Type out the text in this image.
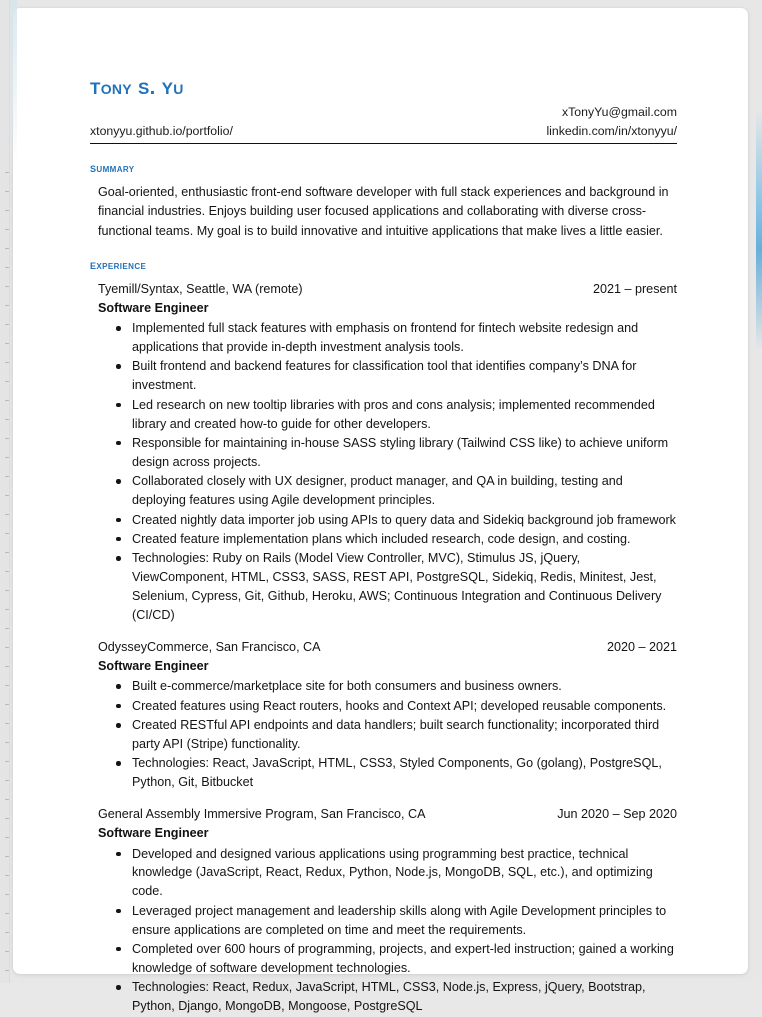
tony s. yu
xTonyYu@gmail.com
xtonyyu.github.io/portfolio/	linkedin.com/in/xtonyyu/
summary

Goal-oriented, enthusiastic front-end software developer with full stack experiences and background in financial industries. Enjoys building user focused applications and collaborating with diverse cross-functional teams. My goal is to build innovative and intuitive applications that make lives a little easier.

experience
Tyemill/Syntax, Seattle, WA (remote)	2021 – present
Software Engineer
Implemented full stack features with emphasis on frontend for fintech website redesign and applications that provide in-depth investment analysis tools.
Built frontend and backend features for classification tool that identifies company’s DNA for investment.
Led research on new tooltip libraries with pros and cons analysis; implemented recommended library and created how-to guide for other developers.
Responsible for maintaining in-house SASS styling library (Tailwind CSS like) to achieve uniform design across projects.
Collaborated closely with UX designer, product manager, and QA in building, testing and deploying features using Agile development principles.
Created nightly data importer job using APIs to query data and Sidekiq background job framework
Created feature implementation plans which included research, code design, and costing.
Technologies: Ruby on Rails (Model View Controller, MVC), Stimulus JS, jQuery, ViewComponent, HTML, CSS3, SASS, REST API, PostgreSQL, Sidekiq, Redis, Minitest, Jest, Selenium, Cypress, Git, Github, Heroku, AWS; Continuous Integration and Continuous Delivery (CI/CD)
OdysseyCommerce, San Francisco, CA	2020 – 2021
Software Engineer
Built e-commerce/marketplace site for both consumers and business owners.
Created features using React routers, hooks and Context API; developed reusable components.
Created RESTful API endpoints and data handlers; built search functionality; incorporated third party API (Stripe) functionality.
Technologies: React, JavaScript, HTML, CSS3, Styled Components, Go (golang), PostgreSQL, Python, Git, Bitbucket
General Assembly Immersive Program, San Francisco, CA	Jun 2020 – Sep 2020
Software Engineer
Developed and designed various applications using programming best practice, technical knowledge (JavaScript, React, Redux, Python, Node.js, MongoDB, SQL, etc.), and optimizing code.
Leveraged project management and leadership skills along with Agile Development principles to ensure applications are completed on time and meet the requirements.
Completed over 600 hours of programming, projects, and expert-led instruction; gained a working knowledge of software development technologies.
Technologies: React, Redux, JavaScript, HTML, CSS3, Node.js, Express, jQuery, Bootstrap, Python, Django, MongoDB, Mongoose, PostgreSQL
